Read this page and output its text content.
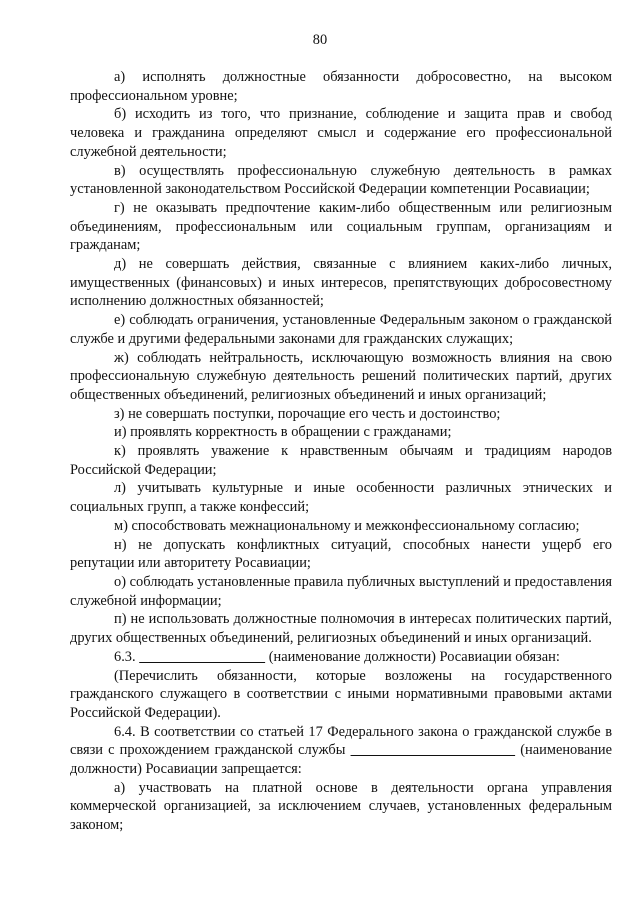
80

а) исполнять должностные обязанности добросовестно, на высоком профессиональном уровне;

б) исходить из того, что признание, соблюдение и защита прав и свобод человека и гражданина определяют смысл и содержание его профессиональной служебной деятельности;

в) осуществлять профессиональную служебную деятельность в рамках установленной законодательством Российской Федерации компетенции Росавиации;

г) не оказывать предпочтение каким-либо общественным или религиозным объединениям, профессиональным или социальным группам, организациям и гражданам;

д) не совершать действия, связанные с влиянием каких-либо личных, имущественных (финансовых) и иных интересов, препятствующих добросовестному исполнению должностных обязанностей;

е) соблюдать ограничения, установленные Федеральным законом о гражданской службе и другими федеральными законами для гражданских служащих;

ж) соблюдать нейтральность, исключающую возможность влияния на свою профессиональную служебную деятельность решений политических партий, других общественных объединений, религиозных объединений и иных организаций;

з) не совершать поступки, порочащие его честь и достоинство;

и) проявлять корректность в обращении с гражданами;

к) проявлять уважение к нравственным обычаям и традициям народов Российской Федерации;

л) учитывать культурные и иные особенности различных этнических и социальных групп, а также конфессий;

м) способствовать межнациональному и межконфессиональному согласию;

н) не допускать конфликтных ситуаций, способных нанести ущерб его репутации или авторитету Росавиации;

о) соблюдать установленные правила публичных выступлений и предоставления служебной информации;

п) не использовать должностные полномочия в интересах политических партий, других общественных объединений, религиозных объединений и иных организаций.

6.3.	(наименование должности) Росавиации обязан:

(Перечислить обязанности, которые возложены на государственного гражданского служащего в соответствии с иными нормативными правовыми актами Российской Федерации).

6.4. В соответствии со статьей 17 Федерального закона о гражданской службе в связи с прохождением гражданской службы	(наименование должности) Росавиации запрещается:

а) участвовать на платной основе в деятельности органа управления коммерческой организацией, за исключением случаев, установленных федеральным законом;
